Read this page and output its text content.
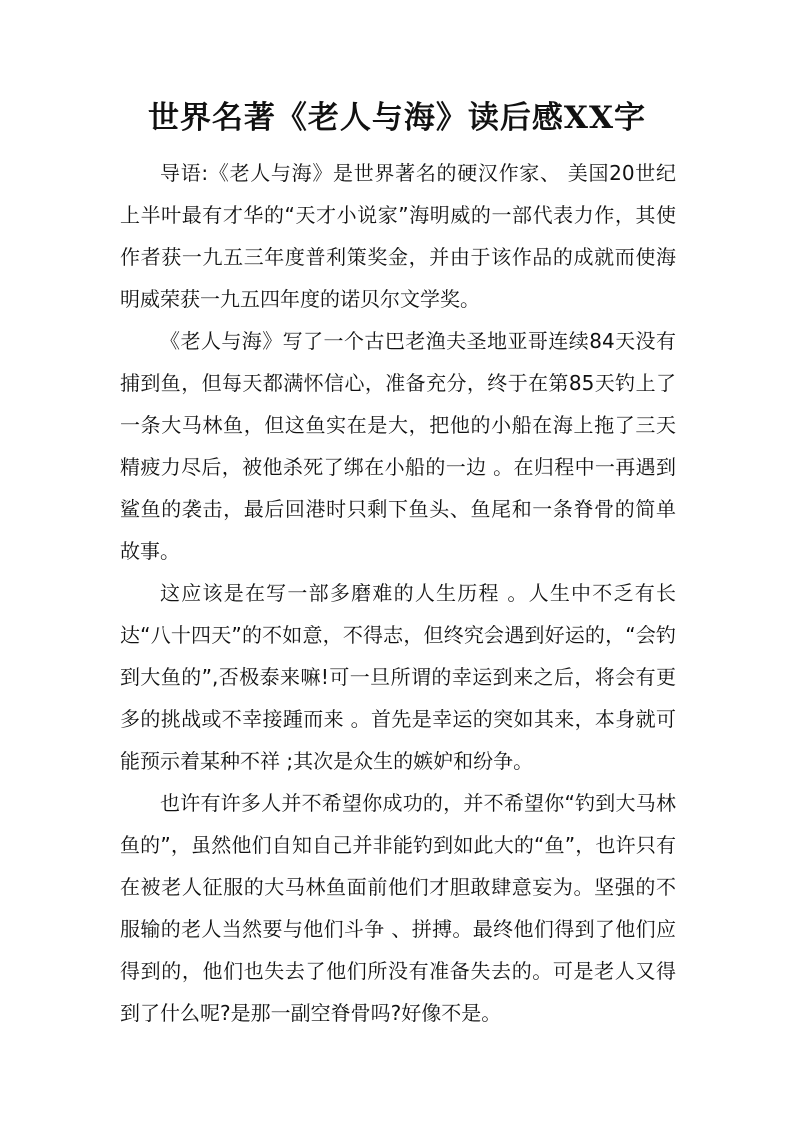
世界名著《老人与海》读后感XX字

导语:《老人与海》是世界著名的硬汉作家、 美国20世纪上半叶最有才华的“天才小说家”海明威的一部代表力作，其使作者获一九五三年度普利策奖金，并由于该作品的成就而使海明威荣获一九五四年度的诺贝尔文学奖。

《老人与海》写了一个古巴老渔夫圣地亚哥连续84天没有捕到鱼，但每天都满怀信心，准备充分，终于在第85天钓上了一条大马林鱼，但这鱼实在是大，把他的小船在海上拖了三天精疲力尽后，被他杀死了绑在小船的一边 。在归程中一再遇到鲨鱼的袭击，最后回港时只剩下鱼头、鱼尾和一条脊骨的简单故事。

这应该是在写一部多磨难的人生历程 。人生中不乏有长达“八十四天”的不如意，不得志，但终究会遇到好运的，“会钓到大鱼的”,否极泰来嘛!可一旦所谓的幸运到来之后，将会有更多的挑战或不幸接踵而来 。首先是幸运的突如其来，本身就可能预示着某种不祥 ;其次是众生的嫉妒和纷争。

也许有许多人并不希望你成功的，并不希望你“钓到大马林鱼的”，虽然他们自知自己并非能钓到如此大的“鱼”，也许只有在被老人征服的大马林鱼面前他们才胆敢肆意妄为。坚强的不服输的老人当然要与他们斗争 、拼搏。最终他们得到了他们应得到的，他们也失去了他们所没有准备失去的。可是老人又得到了什么呢?是那一副空脊骨吗?好像不是。
